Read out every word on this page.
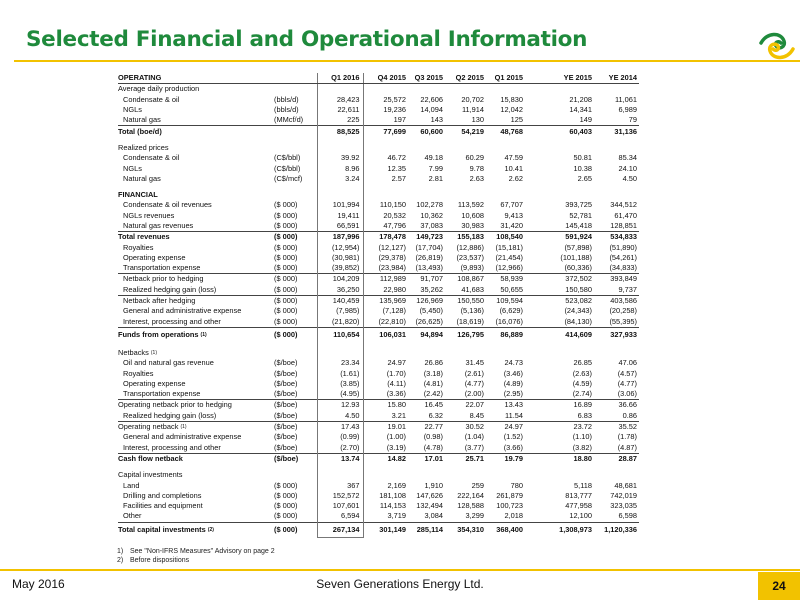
Selected Financial and Operational Information
OPERATING		Q1 2016	Q4 2015	Q3 2015	Q2 2015	Q1 2015		YE 2015	YE 2014
Average daily production									
Condensate & oil	(bbls/d)	28,423	25,572	22,606	20,702	15,830		21,208	11,061
NGLs	(bbls/d)	22,611	19,236	14,094	11,914	12,042		14,341	6,989
Natural gas	(MMcf/d)	225	197	143	130	125		149	79
Total (boe/d)		88,525	77,699	60,600	54,219	48,768		60,403	31,136

Realized prices									
Condensate & oil	(C$/bbl)	39.92	46.72	49.18	60.29	47.59		50.81	85.34
NGLs	(C$/bbl)	8.96	12.35	7.99	9.78	10.41		10.38	24.10
Natural gas	(C$/mcf)	3.24	2.57	2.81	2.63	2.62		2.65	4.50

FINANCIAL									
Condensate & oil revenues	($ 000)	101,994	110,150	102,278	113,592	67,707		393,725	344,512
NGLs revenues	($ 000)	19,411	20,532	10,362	10,608	9,413		52,781	61,470
Natural gas revenues	($ 000)	66,591	47,796	37,083	30,983	31,420		145,418	128,851
Total revenues	($ 000)	187,996	178,478	149,723	155,183	108,540		591,924	534,833
Royalties	($ 000)	(12,954)	(12,127)	(17,704)	(12,886)	(15,181)		(57,898)	(51,890)
Operating expense	($ 000)	(30,981)	(29,378)	(26,819)	(23,537)	(21,454)		(101,188)	(54,261)
Transportation expense	($ 000)	(39,852)	(23,984)	(13,493)	(9,893)	(12,966)		(60,336)	(34,833)
Netback prior to hedging	($ 000)	104,209	112,989	91,707	108,867	58,939		372,502	393,849
Realized hedging gain (loss)	($ 000)	36,250	22,980	35,262	41,683	50,655		150,580	9,737
Netback after hedging	($ 000)	140,459	135,969	126,969	150,550	109,594		523,082	403,586
General and administrative expense	($ 000)	(7,985)	(7,128)	(5,450)	(5,136)	(6,629)		(24,343)	(20,258)
Interest, processing and other	($ 000)	(21,820)	(22,810)	(26,625)	(18,619)	(16,076)		(84,130)	(55,395)
Funds from operations $^{(1)}$	($ 000)	110,654	106,031	94,894	126,795	86,889		414,609	327,933

Netbacks $^{(1)}$									
Oil and natural gas revenue	($/boe)	23.34	24.97	26.86	31.45	24.73		26.85	47.06
Royalties	($/boe)	(1.61)	(1.70)	(3.18)	(2.61)	(3.46)		(2.63)	(4.57)
Operating expense	($/boe)	(3.85)	(4.11)	(4.81)	(4.77)	(4.89)		(4.59)	(4.77)
Transportation expense	($/boe)	(4.95)	(3.36)	(2.42)	(2.00)	(2.95)		(2.74)	(3.06)
Operating netback prior to hedging	($/boe)	12.93	15.80	16.45	22.07	13.43		16.89	36.66
Realized hedging gain (loss)	($/boe)	4.50	3.21	6.32	8.45	11.54		6.83	0.86
Operating netback $^{(1)}$	($/boe)	17.43	19.01	22.77	30.52	24.97		23.72	35.52
General and administrative expense	($/boe)	(0.99)	(1.00)	(0.98)	(1.04)	(1.52)		(1.10)	(1.78)
Interest, processing and other	($/boe)	(2.70)	(3.19)	(4.78)	(3.77)	(3.66)		(3.82)	(4.87)
Cash flow netback	($/boe)	13.74	14.82	17.01	25.71	19.79		18.80	28.87

Capital investments									
Land	($ 000)	367	2,169	1,910	259	780		5,118	48,681
Drilling and completions	($ 000)	152,572	181,108	147,626	222,164	261,879		813,777	742,019
Facilities and equipment	($ 000)	107,601	114,153	132,494	128,588	100,723		477,958	323,035
Other	($ 000)	6,594	3,719	3,084	3,299	2,018		12,100	6,598
Total capital investments $^{(2)}$	($ 000)	267,134	301,149	285,114	354,310	368,400		1,308,973	1,120,336
1) See "Non-IFRS Measures" Advisory on page 2
2) Before dispositions
Seven Generations Energy Ltd.
May 2016	24
